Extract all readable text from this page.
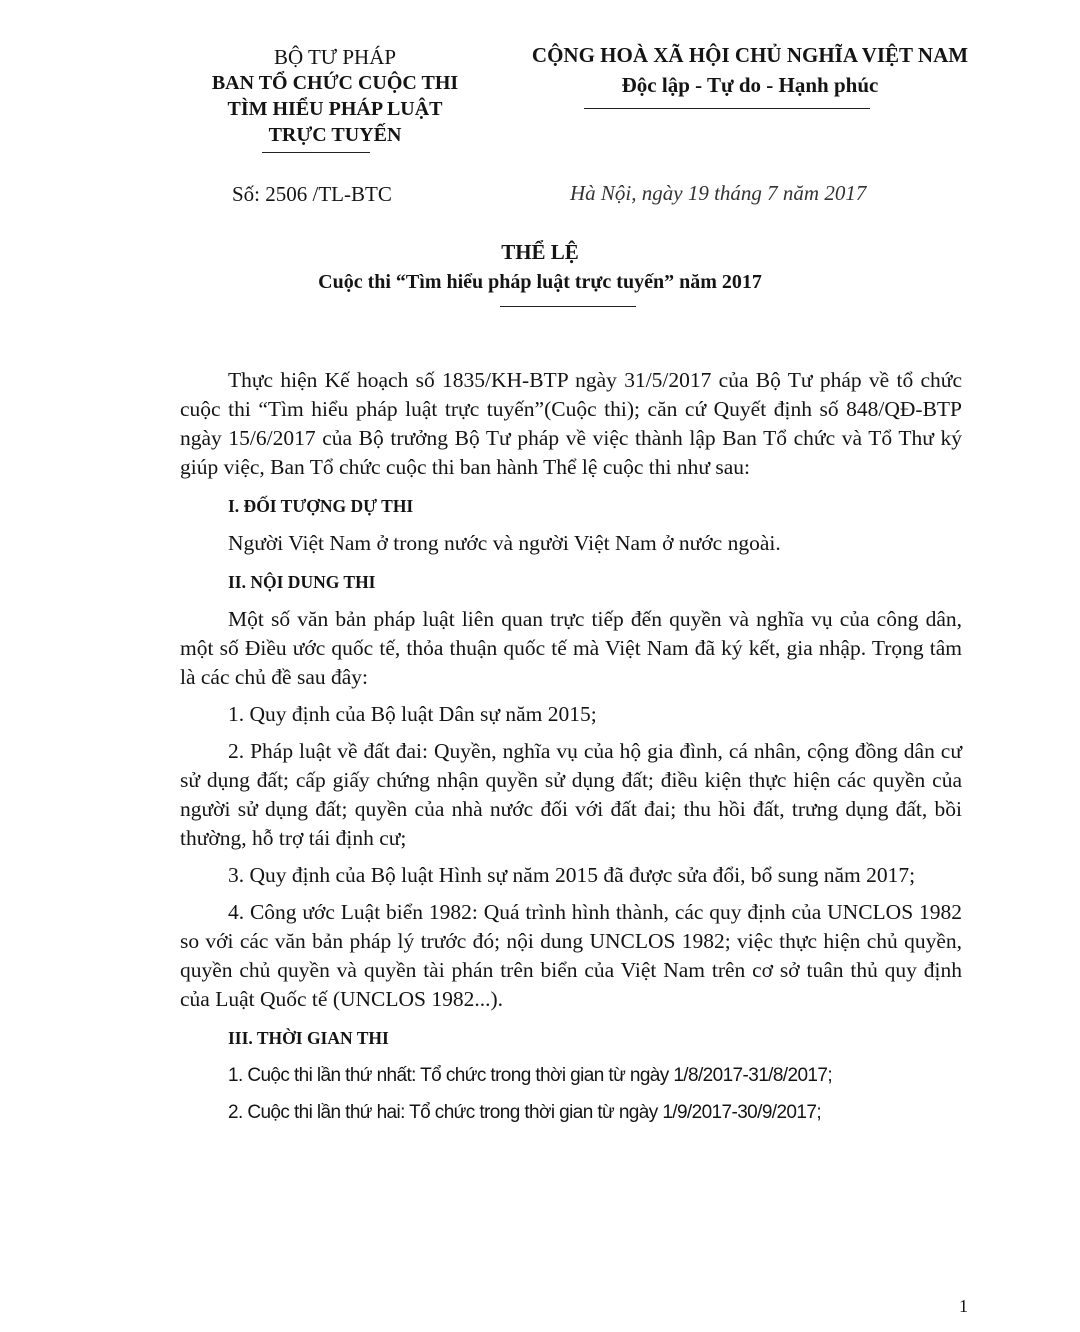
BỘ TƯ PHÁP
BAN TỔ CHỨC CUỘC THI
TÌM HIỂU PHÁP LUẬT
TRỰC TUYẾN
CỘNG HOÀ XÃ HỘI CHỦ NGHĨA VIỆT NAM
Độc lập - Tự do - Hạnh phúc
Số: 2506 /TL-BTC	Hà Nội, ngày 19 tháng 7 năm 2017
THỂ LỆ
Cuộc thi “Tìm hiểu pháp luật trực tuyến” năm 2017

Thực hiện Kế hoạch số 1835/KH-BTP ngày 31/5/2017 của Bộ Tư pháp về tổ chức cuộc thi “Tìm hiểu pháp luật trực tuyến”(Cuộc thi); căn cứ Quyết định số 848/QĐ-BTP ngày 15/6/2017 của Bộ trưởng Bộ Tư pháp về việc thành lập Ban Tổ chức và Tổ Thư ký giúp việc, Ban Tổ chức cuộc thi ban hành Thể lệ cuộc thi như sau:

I. ĐỐI TƯỢNG DỰ THI

Người Việt Nam ở trong nước và người Việt Nam ở nước ngoài.

II. NỘI DUNG THI

Một số văn bản pháp luật liên quan trực tiếp đến quyền và nghĩa vụ của công dân, một số Điều ước quốc tế, thỏa thuận quốc tế mà Việt Nam đã ký kết, gia nhập. Trọng tâm là các chủ đề sau đây:

1. Quy định của Bộ luật Dân sự năm 2015;

2. Pháp luật về đất đai: Quyền, nghĩa vụ của hộ gia đình, cá nhân, cộng đồng dân cư sử dụng đất; cấp giấy chứng nhận quyền sử dụng đất; điều kiện thực hiện các quyền của người sử dụng đất; quyền của nhà nước đối với đất đai; thu hồi đất, trưng dụng đất, bồi thường, hỗ trợ tái định cư;

3. Quy định của Bộ luật Hình sự năm 2015 đã được sửa đổi, bổ sung năm 2017;

4. Công ước Luật biển 1982: Quá trình hình thành, các quy định của UNCLOS 1982 so với các văn bản pháp lý trước đó; nội dung UNCLOS 1982; việc thực hiện chủ quyền, quyền chủ quyền và quyền tài phán trên biển của Việt Nam trên cơ sở tuân thủ quy định của Luật Quốc tế (UNCLOS 1982...).

III. THỜI GIAN THI

1. Cuộc thi lần thứ nhất: Tổ chức trong thời gian từ ngày 1/8/2017-31/8/2017;

2. Cuộc thi lần thứ hai: Tổ chức trong thời gian từ ngày 1/9/2017-30/9/2017;

1
